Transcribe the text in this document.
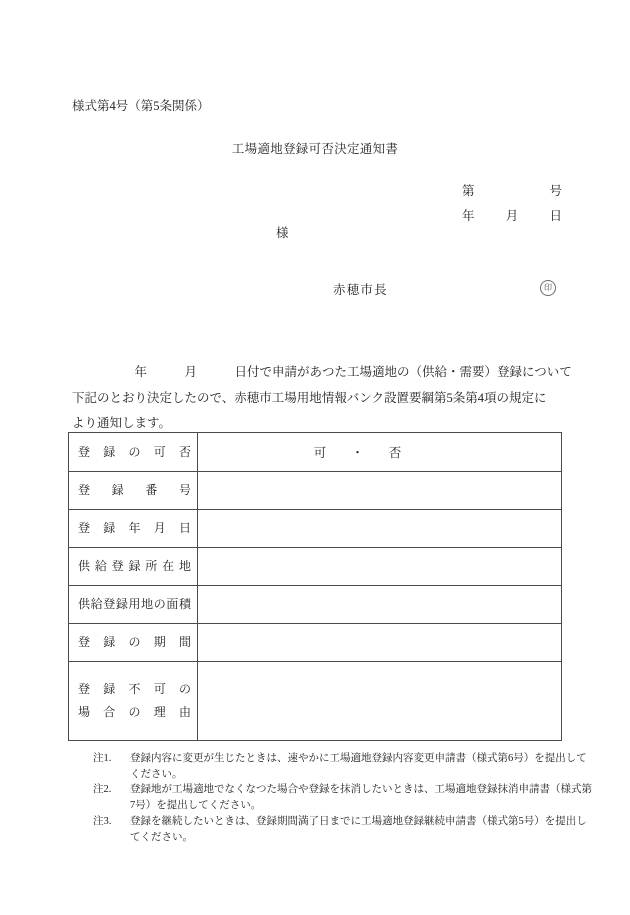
様式第4号（第5条関係）
工場適地登録可否決定通知書
第	号
年 月 日
様
赤穂市長	印
　　　　　年　　　月　　　日付で申請があつた工場適地の（供給・需要）登録について
下記のとおり決定したので、赤穂市工場用地情報バンク設置要綱第5条第4項の規定に
より通知します。
登録の可否	可　　・　　否
登録番号
登録年月日
供給登録所在地
供給登録用地の面積
登録の期間
登録不可の
場合の理由
注1.	登録内容に変更が生じたときは、速やかに工場適地登録内容変更申請書（様式第6号）を提出して
ください。
注2.	登録地が工場適地でなくなつた場合や登録を抹消したいときは、工場適地登録抹消申請書（様式第
7号）を提出してください。
注3.	登録を継続したいときは、登録期間満了日までに工場適地登録継続申請書（様式第5号）を提出し
てください。
